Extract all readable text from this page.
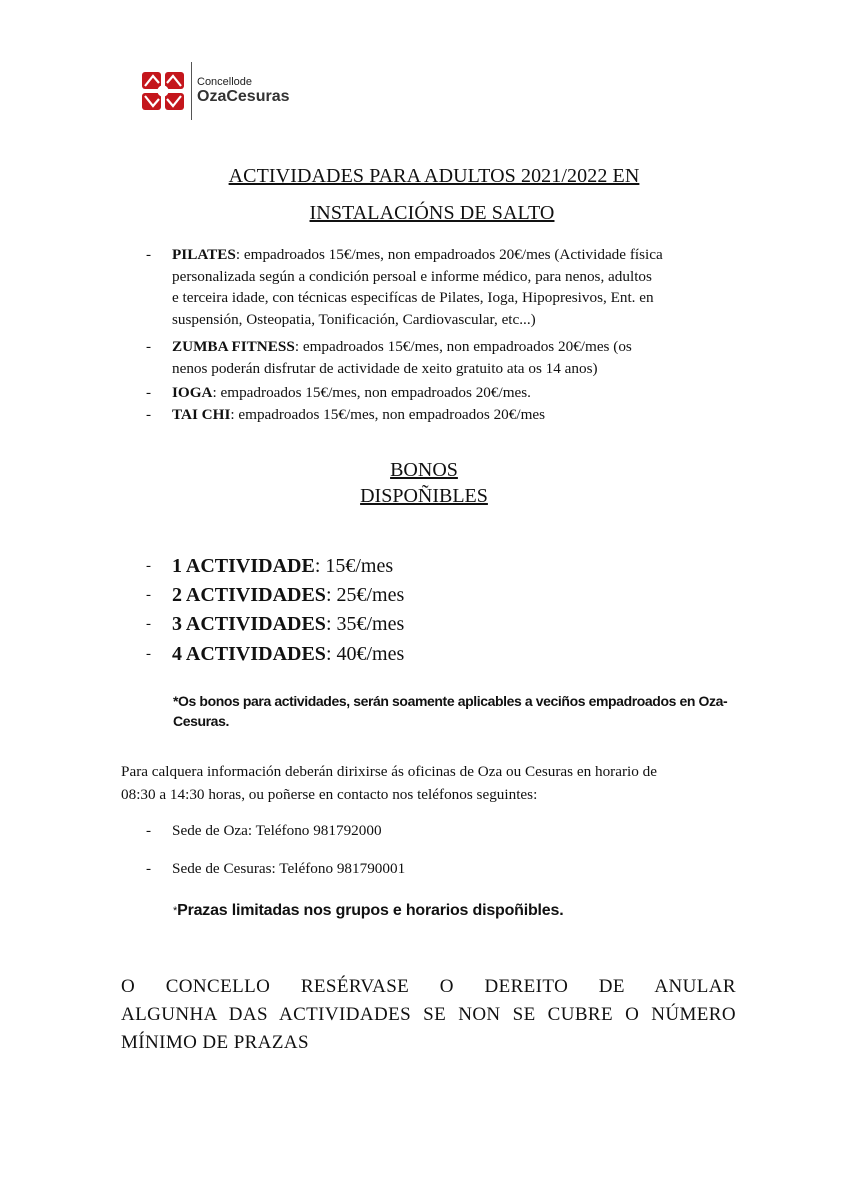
Concellode
OzaCesuras
ACTIVIDADES PARA ADULTOS 2021/2022 EN
INSTALACIÓNS DE SALTO
- PILATES: empadroados 15€/mes, non empadroados 20€/mes (Actividade física
personalizada según a condición persoal e informe médico, para nenos, adultos
e terceira idade, con técnicas especifícas de Pilates, Ioga, Hipopresivos, Ent. en
suspensión, Osteopatia, Tonificación, Cardiovascular, etc...)
- ZUMBA FITNESS: empadroados 15€/mes, non empadroados 20€/mes (os
nenos poderán disfrutar de actividade de xeito gratuito ata os 14 anos)
- IOGA: empadroados 15€/mes, non empadroados 20€/mes.
- TAI CHI: empadroados 15€/mes, non empadroados 20€/mes
BONOS
DISPOÑIBLES
- 1 ACTIVIDADE: 15€/mes
- 2 ACTIVIDADES: 25€/mes
- 3 ACTIVIDADES: 35€/mes
- 4 ACTIVIDADES: 40€/mes
*Os bonos para actividades, serán soamente aplicables a veciños empadroados en Oza-
Cesuras.
Para calquera información deberán dirixirse ás oficinas de Oza ou Cesuras en horario de
08:30 a 14:30 horas, ou poñerse en contacto nos teléfonos seguintes:
- Sede de Oza: Teléfono 981792000
- Sede de Cesuras: Teléfono 981790001
*Prazas limitadas nos grupos e horarios dispoñibles.
O CONCELLO RESÉRVASE O DEREITO DE ANULAR
ALGUNHA DAS ACTIVIDADES SE NON SE CUBRE O NÚMERO
MÍNIMO DE PRAZAS
